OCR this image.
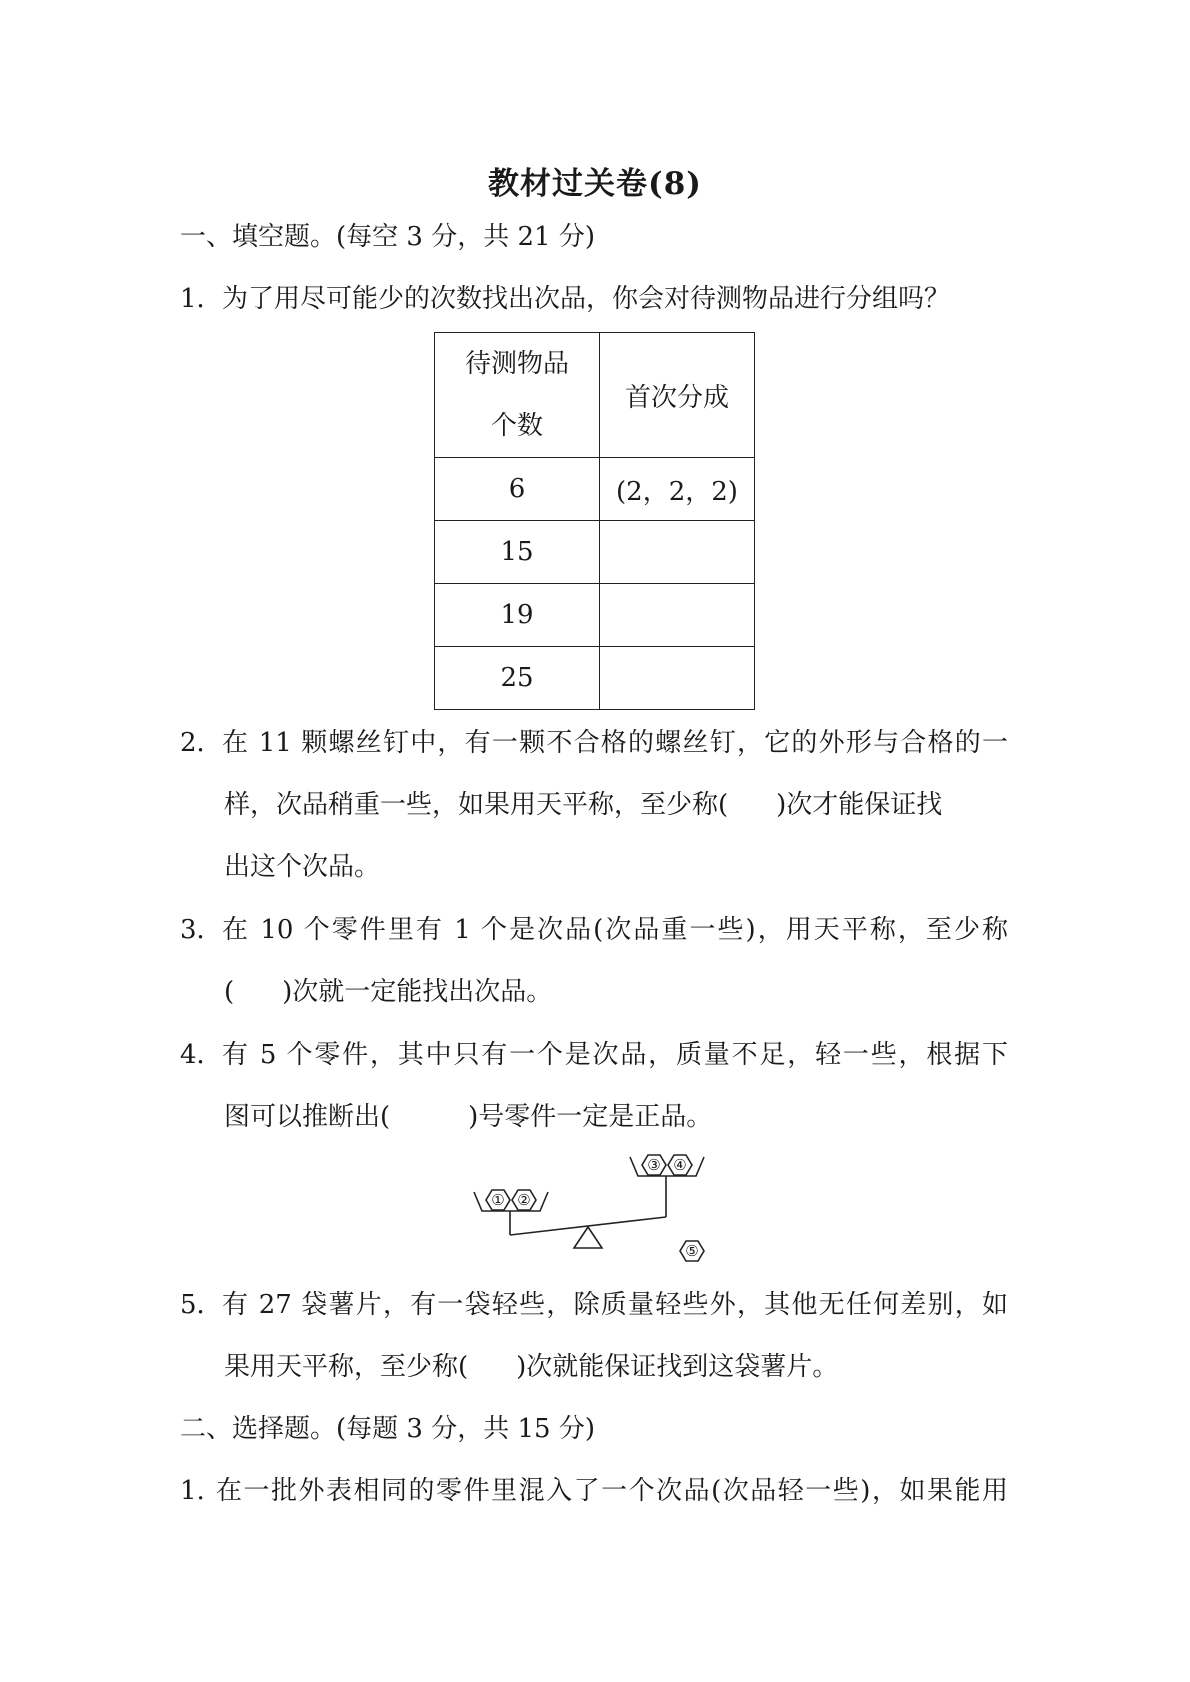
教材过关卷(8)
一、填空题。(每空 3 分，共 21 分)
1． 为了用尽可能少的次数找出次品，你会对待测物品进行分组吗？
待测物品
个数	首次分成
6	(2，2，2)
15	
19	
25	
2． 在 11 颗螺丝钉中，有一颗不合格的螺丝钉，它的外形与合格的一
样，次品稍重一些，如果用天平称，至少称( )次才能保证找
出这个次品。
3． 在 10 个零件里有 1 个是次品(次品重一些)，用天平称，至少称
( )次就一定能找出次品。
4． 有 5 个零件，其中只有一个是次品，质量不足，轻一些，根据下
图可以推断出(	)号零件一定是正品。
① ②
③ ④
⑤
5． 有 27 袋薯片，有一袋轻些，除质量轻些外，其他无任何差别，如
果用天平称，至少称( )次就能保证找到这袋薯片。
二、选择题。(每题 3 分，共 15 分)
1. 在一批外表相同的零件里混入了一个次品(次品轻一些)，如果能用
